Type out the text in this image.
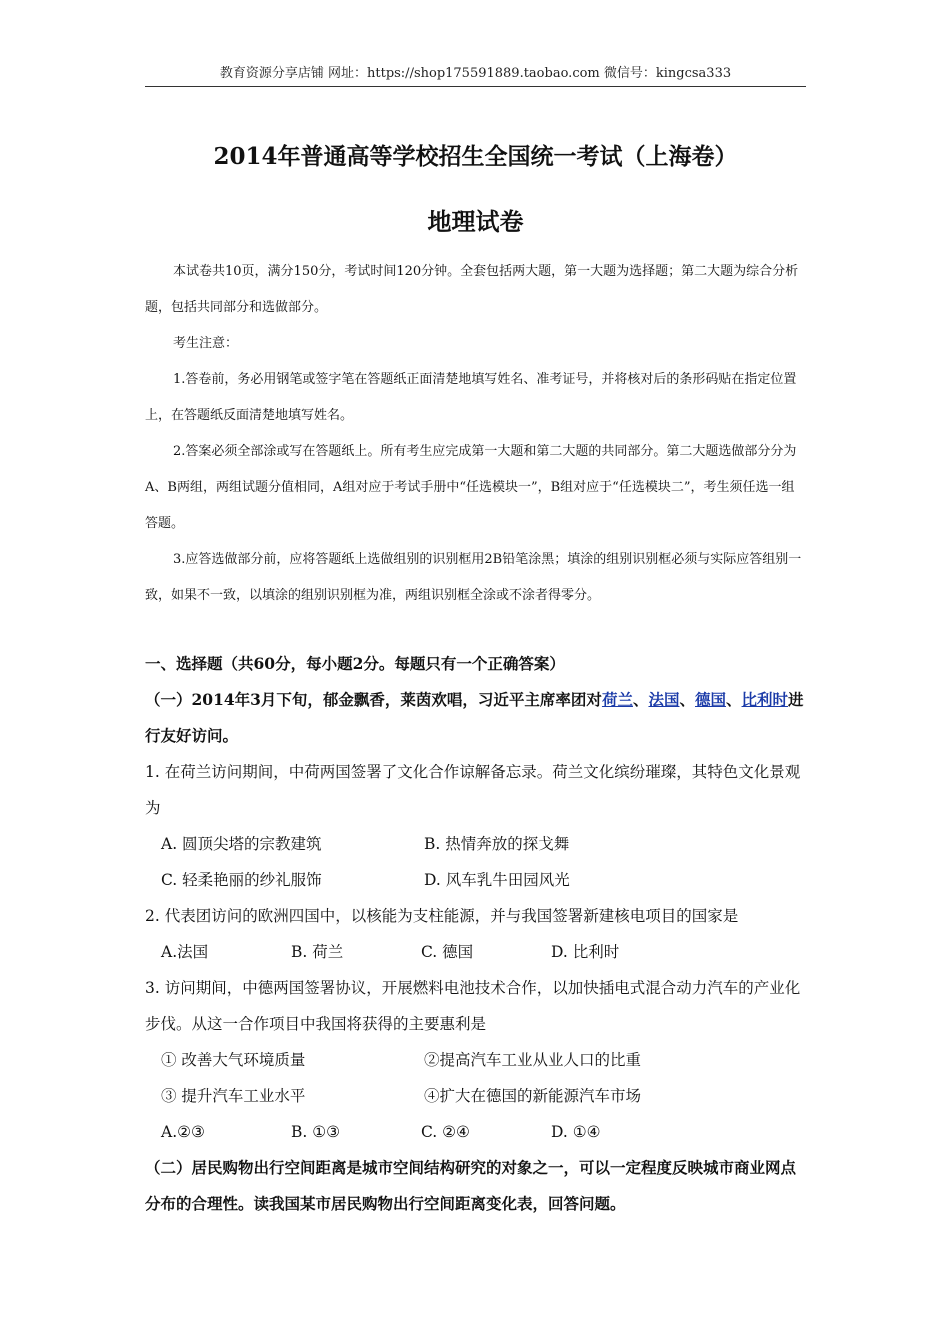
教育资源分享店铺 网址：https://shop175591889.taobao.com 微信号：kingcsa333
2014年普通高等学校招生全国统一考试（上海卷）
地理试卷

本试卷共10页，满分150分，考试时间120分钟。全套包括两大题，第一大题为选择题；第二大题为综合分析题，包括共同部分和选做部分。

考生注意：

1.答卷前，务必用钢笔或签字笔在答题纸正面清楚地填写姓名、准考证号，并将核对后的条形码贴在指定位置上，在答题纸反面清楚地填写姓名。

2.答案必须全部涂或写在答题纸上。所有考生应完成第一大题和第二大题的共同部分。第二大题选做部分分为A、B两组，两组试题分值相同，A组对应于考试手册中“任选模块一”，B组对应于“任选模块二”，考生须任选一组答题。

3.应答选做部分前，应将答题纸上选做组别的识别框用2B铅笔涂黑；填涂的组别识别框必须与实际应答组别一致，如果不一致，以填涂的组别识别框为准，两组识别框全涂或不涂者得零分。

一、选择题（共60分，每小题2分。每题只有一个正确答案）

（一）2014年3月下旬，郁金飘香，莱茵欢唱，习近平主席率团对荷兰、法国、德国、比利时进行友好访问。

1. 在荷兰访问期间，中荷两国签署了文化合作谅解备忘录。荷兰文化缤纷璀璨，其特色文化景观为

A. 圆顶尖塔的宗教建筑	B. 热情奔放的探戈舞
C. 轻柔艳丽的纱礼服饰	D. 风车乳牛田园风光

2. 代表团访问的欧洲四国中，以核能为支柱能源，并与我国签署新建核电项目的国家是

A.法国	B. 荷兰	C. 德国	D. 比利时

3. 访问期间，中德两国签署协议，开展燃料电池技术合作，以加快插电式混合动力汽车的产业化步伐。从这一合作项目中我国将获得的主要惠利是

① 改善大气环境质量	②提高汽车工业从业人口的比重
③ 提升汽车工业水平	④扩大在德国的新能源汽车市场
A.②③	B. ①③	C. ②④	D. ①④

（二）居民购物出行空间距离是城市空间结构研究的对象之一，可以一定程度反映城市商业网点分布的合理性。读我国某市居民购物出行空间距离变化表，回答问题。
